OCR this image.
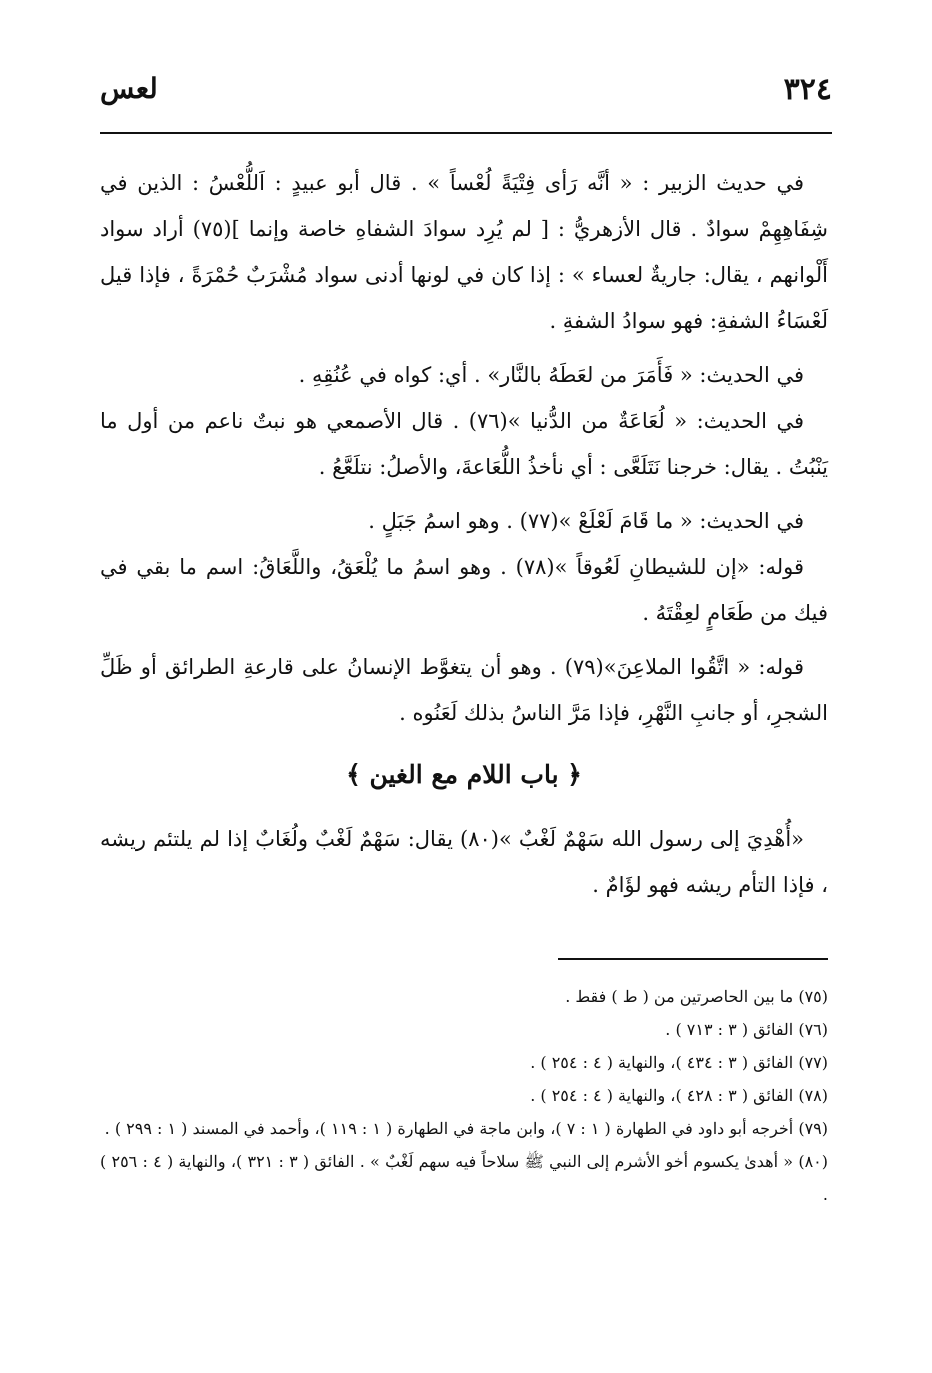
٣٢٤
لعس

في حديث الزبير : « أنَّه رَأى فِتْيَةً لُعْساً » . قال أبو عبيدٍ : اَللُّعْسُ : الذين في شِفَاهِهِمْ سوادٌ . قال الأزهريُّ : [ لم يُرِد سوادَ الشفاهِ خاصة وإنما ](٧٥) أراد سواد أَلْوانهم ، يقال: جاريةٌ لعساء » : إذا كان في لونها أدنى سواد مُشْرَبٌ حُمْرَةً ، فإذا قيل لَعْسَاءُ الشفةِ: فهو سوادُ الشفةِ .

في الحديث: « فَأَمَرَ من لعَطَهُ بالنَّار» . أي: كواه في عُنُقِهِ .

في الحديث: « لُعَاعَةٌ من الدُّنيا »(٧٦) . قال الأصمعي هو نبتٌ ناعم من أول ما يَنْبُتُ . يقال: خرجنا نَتَلَعَّى : أي نأخذُ اللُّعَاعةَ، والأصلُ: نتلَعَّعُ .

في الحديث: « ما قَامَ لَعْلَعْ »(٧٧) . وهو اسمُ جَبَلٍ .

قوله: «إن للشيطانِ لَعُوقاً »(٧٨) . وهو اسمُ ما يُلْعَقُ، واللَّعَاقُ: اسم ما بقي في فيك من طَعَامٍ لعِقْتَهُ .

قوله: « اتَّقُوا الملاعِنَ»(٧٩) . وهو أن يتغوَّط الإنسانُ على قارعةِ الطرائق أو ظَلِّ الشجرِ، أو جانبِ النَّهْرِ، فإذا مَرَّ الناسُ بذلك لَعَنُوه .

﴿ باب اللام مع الغين ﴾

«أُهْدِيَ إلى رسول الله سَهْمٌ لَغْبٌ »(٨٠) يقال: سَهْمٌ لَغْبٌ ولُغَابٌ إذا لم يلتئم ريشه ، فإذا التأم ريشه فهو لؤَامٌ .

(٧٥) ما بين الحاصرتين من ( ط ) فقط .

(٧٦) الفائق ( ٣ : ٧١٣ ) .

(٧٧) الفائق ( ٣ : ٤٣٤ )، والنهاية ( ٤ : ٢٥٤ ) .

(٧٨) الفائق ( ٣ : ٤٢٨ )، والنهاية ( ٤ : ٢٥٤ ) .

(٧٩) أخرجه أبو داود في الطهارة ( ١ : ٧ )، وابن ماجة في الطهارة ( ١ : ١١٩ )، وأحمد في المسند ( ١ : ٢٩٩ ) .

(٨٠) « أهدىٰ يكسوم أخو الأشرم إلى النبي ﷺ سلاحاً فيه سهم لَغْبٌ » . الفائق ( ٣ : ٣٢١ )، والنهاية ( ٤ : ٢٥٦ ) .
